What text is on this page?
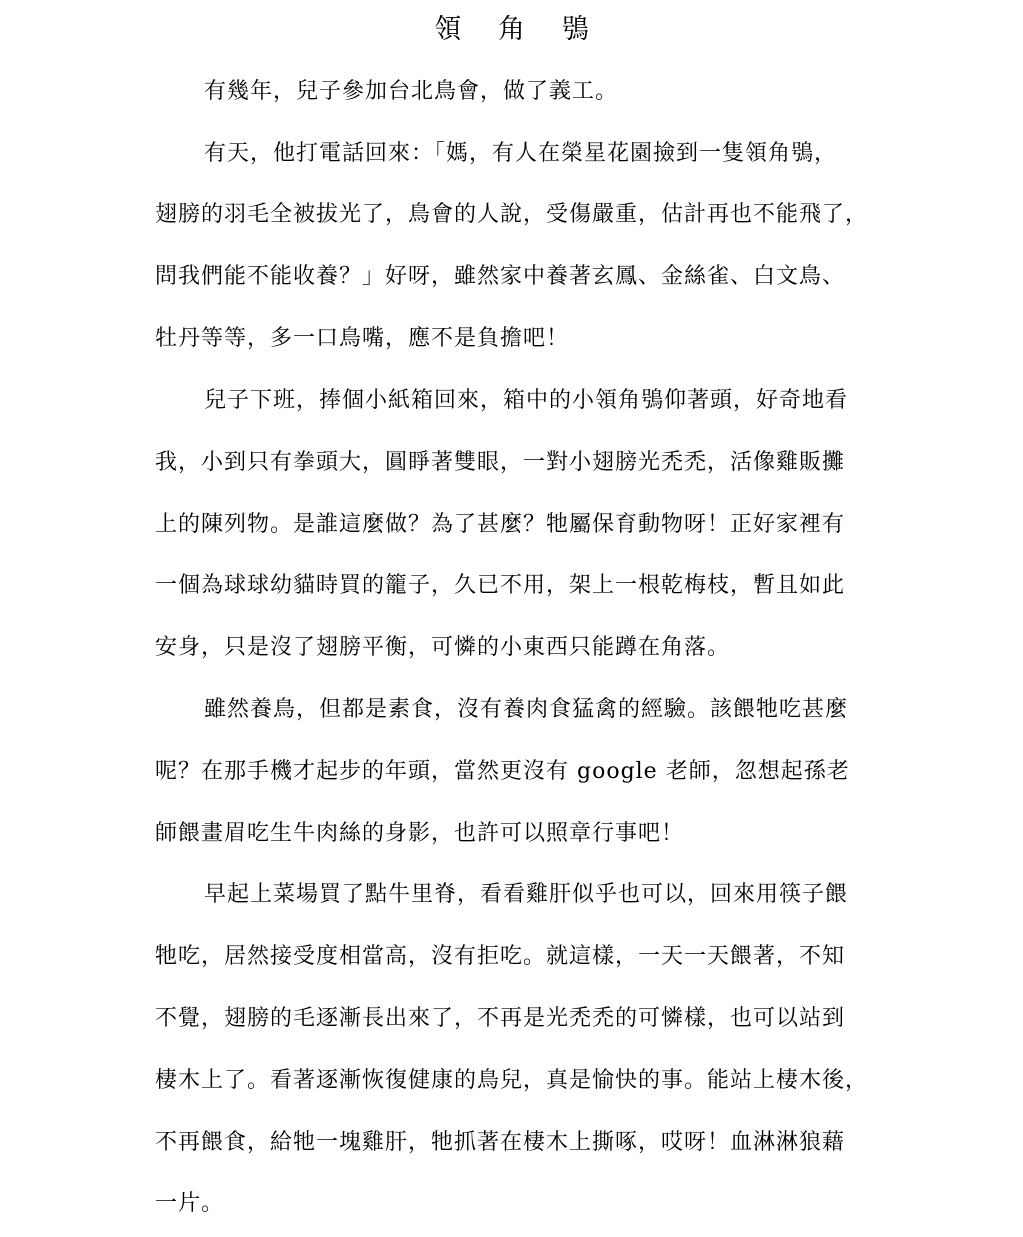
領 角 鴞
有幾年，兒子參加台北鳥會，做了義工。
有天，他打電話回來：「媽，有人在榮星花園撿到一隻領角鴞，
翅膀的羽毛全被拔光了，鳥會的人說，受傷嚴重，估計再也不能飛了，
問我們能不能收養？」好呀，雖然家中養著玄鳳、金絲雀、白文鳥、
牡丹等等，多一口鳥嘴，應不是負擔吧！
兒子下班，捧個小紙箱回來，箱中的小領角鴞仰著頭，好奇地看
我，小到只有拳頭大，圓睜著雙眼，一對小翅膀光禿禿，活像雞販攤
上的陳列物。是誰這麼做？為了甚麼？牠屬保育動物呀！正好家裡有
一個為球球幼貓時買的籠子，久已不用，架上一根乾梅枝，暫且如此
安身，只是沒了翅膀平衡，可憐的小東西只能蹲在角落。
雖然養鳥，但都是素食，沒有養肉食猛禽的經驗。該餵牠吃甚麼
呢？在那手機才起步的年頭，當然更沒有 google 老師，忽想起孫老
師餵畫眉吃生牛肉絲的身影，也許可以照章行事吧！
早起上菜場買了點牛里脊，看看雞肝似乎也可以，回來用筷子餵
牠吃，居然接受度相當高，沒有拒吃。就這樣，一天一天餵著，不知
不覺，翅膀的毛逐漸長出來了，不再是光禿禿的可憐樣，也可以站到
棲木上了。看著逐漸恢復健康的鳥兒，真是愉快的事。能站上棲木後，
不再餵食，給牠一塊雞肝，牠抓著在棲木上撕啄，哎呀！血淋淋狼藉
一片。
